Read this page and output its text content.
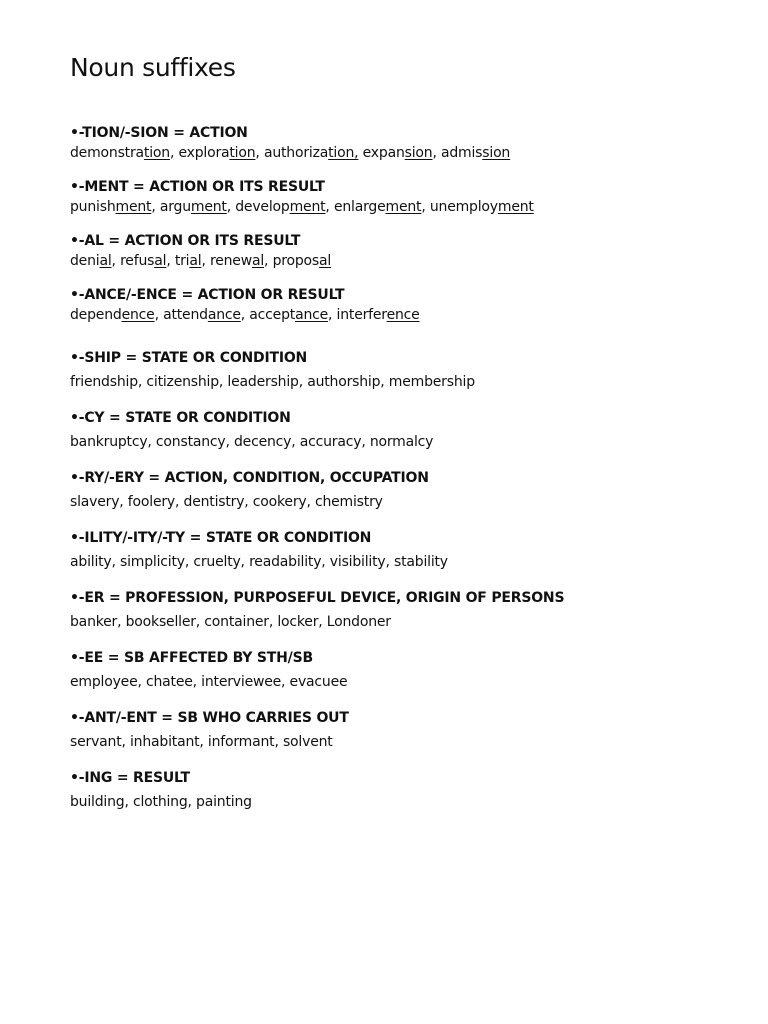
Noun suffixes
•-TION/-SION = ACTION
demonstration, exploration, authorization, expansion, admission
•-MENT = ACTION OR ITS RESULT
punishment, argument, development, enlargement, unemployment
•-AL = ACTION OR ITS RESULT
denial, refusal, trial, renewal, proposal
•-ANCE/-ENCE = ACTION OR RESULT
dependence, attendance, acceptance, interference
•-SHIP = STATE OR CONDITION
friendship, citizenship, leadership, authorship, membership
•-CY = STATE OR CONDITION
bankruptcy, constancy, decency, accuracy, normalcy
•-RY/-ERY = ACTION, CONDITION, OCCUPATION
slavery, foolery, dentistry, cookery, chemistry
•-ILITY/-ITY/-TY = STATE OR CONDITION
ability, simplicity, cruelty, readability, visibility, stability
•-ER = PROFESSION, PURPOSEFUL DEVICE, ORIGIN OF PERSONS
banker, bookseller, container, locker, Londoner
•-EE = SB AFFECTED BY STH/SB
employee, chatee, interviewee, evacuee
•-ANT/-ENT = SB WHO CARRIES OUT
servant, inhabitant, informant, solvent
•-ING = RESULT
building, clothing, painting
